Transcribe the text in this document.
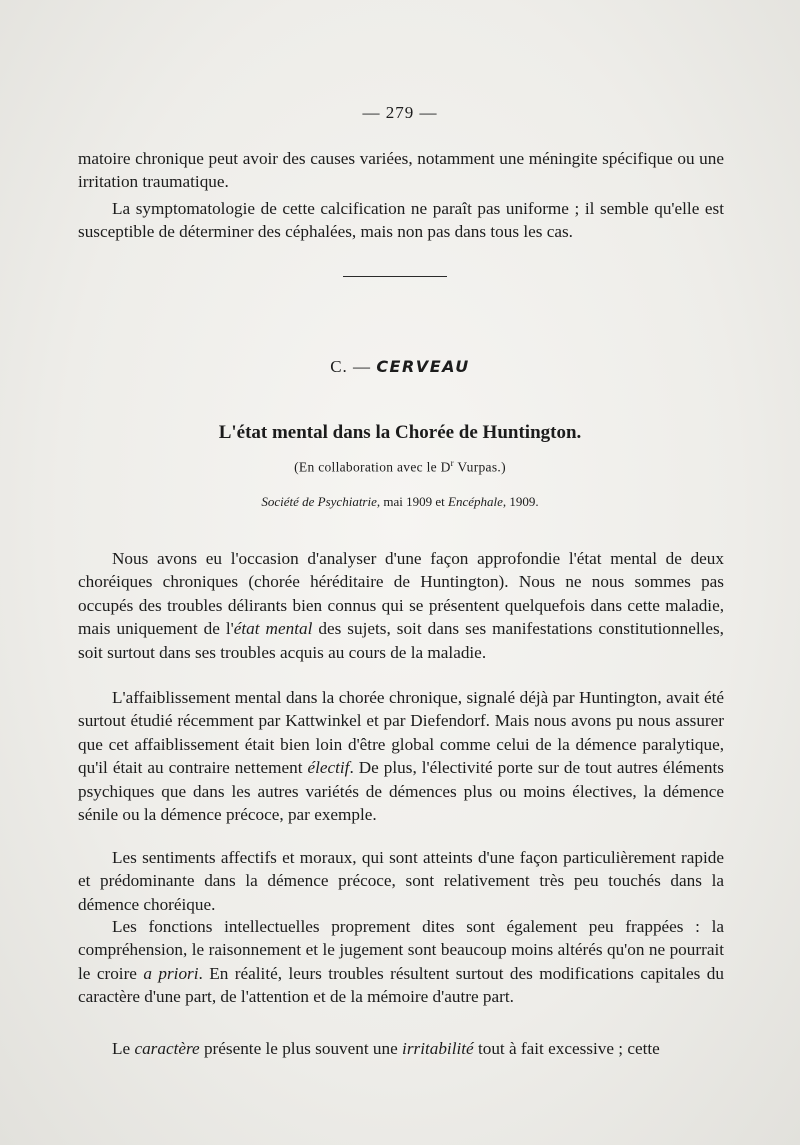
— 279 —

matoire chronique peut avoir des causes variées, notamment une méningite spécifique ou une irritation traumatique.

La symptomatologie de cette calcification ne paraît pas uniforme ; il semble qu'elle est susceptible de déterminer des céphalées, mais non pas dans tous les cas.

C. — CERVEAU
L'état mental dans la Chorée de Huntington.
(En collaboration avec le $D^r$ Vurpas.)
Société de Psychiatrie, mai 1909 et Encéphale, 1909.

Nous avons eu l'occasion d'analyser d'une façon approfondie l'état mental de deux choréiques chroniques (chorée héréditaire de Huntington). Nous ne nous sommes pas occupés des troubles délirants bien connus qui se présentent quelquefois dans cette maladie, mais uniquement de l'état mental des sujets, soit dans ses manifestations constitutionnelles, soit surtout dans ses troubles acquis au cours de la maladie.

L'affaiblissement mental dans la chorée chronique, signalé déjà par Huntington, avait été surtout étudié récemment par Kattwinkel et par Diefendorf. Mais nous avons pu nous assurer que cet affaiblissement était bien loin d'être global comme celui de la démence paralytique, qu'il était au contraire nettement électif. De plus, l'électivité porte sur de tout autres éléments psychiques que dans les autres variétés de démences plus ou moins électives, la démence sénile ou la démence précoce, par exemple.

Les sentiments affectifs et moraux, qui sont atteints d'une façon particulièrement rapide et prédominante dans la démence précoce, sont relativement très peu touchés dans la démence choréique.

Les fonctions intellectuelles proprement dites sont également peu frappées : la compréhension, le raisonnement et le jugement sont beaucoup moins altérés qu'on ne pourrait le croire a priori. En réalité, leurs troubles résultent surtout des modifications capitales du caractère d'une part, de l'attention et de la mémoire d'autre part.

Le caractère présente le plus souvent une irritabilité tout à fait excessive ; cette
